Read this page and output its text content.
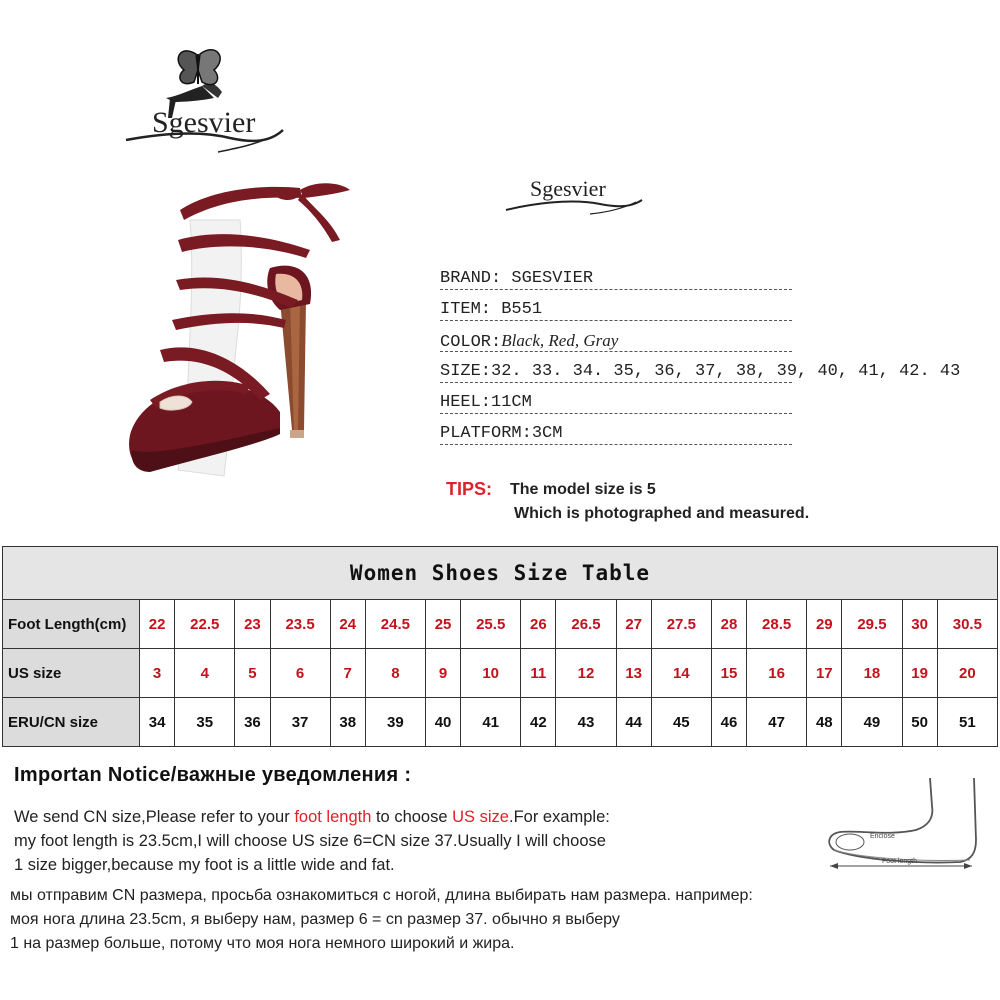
Sgesvier
Sgesvier
BRAND: SGESVIER
ITEM: B551
COLOR:Black, Red, Gray
SIZE:32. 33. 34. 35, 36, 37, 38, 39, 40, 41, 42. 43
HEEL:11CM
PLATFORM:3CM
TIPS: The model size is 5
Which is photographed and measured.
Women Shoes Size Table																		
Foot Length(cm)	22	22.5	23	23.5	24	24.5	25	25.5	26	26.5	27	27.5	28	28.5	29	29.5	30	30.5
US size	3	4	5	6	7	8	9	10	11	12	13	14	15	16	17	18	19	20
ERU/CN size	34	35	36	37	38	39	40	41	42	43	44	45	46	47	48	49	50	51
Importan Notice/важные уведомления :
We send CN size,Please refer to your foot length to choose US size.For example:
my foot length is 23.5cm,I will choose US size 6=CN size 37.Usually I will choose
1 size bigger,because my foot is a little wide and fat.
мы отправим CN размера, просьба ознакомиться с ногой, длина выбирать нам размера. например:
моя нога длина 23.5cm, я выберу нам, размер 6 = cn размер 37. обычно я выберу
1 на размер больше, потому что моя нога немного широкий и жира.
Enclose
Foot length
